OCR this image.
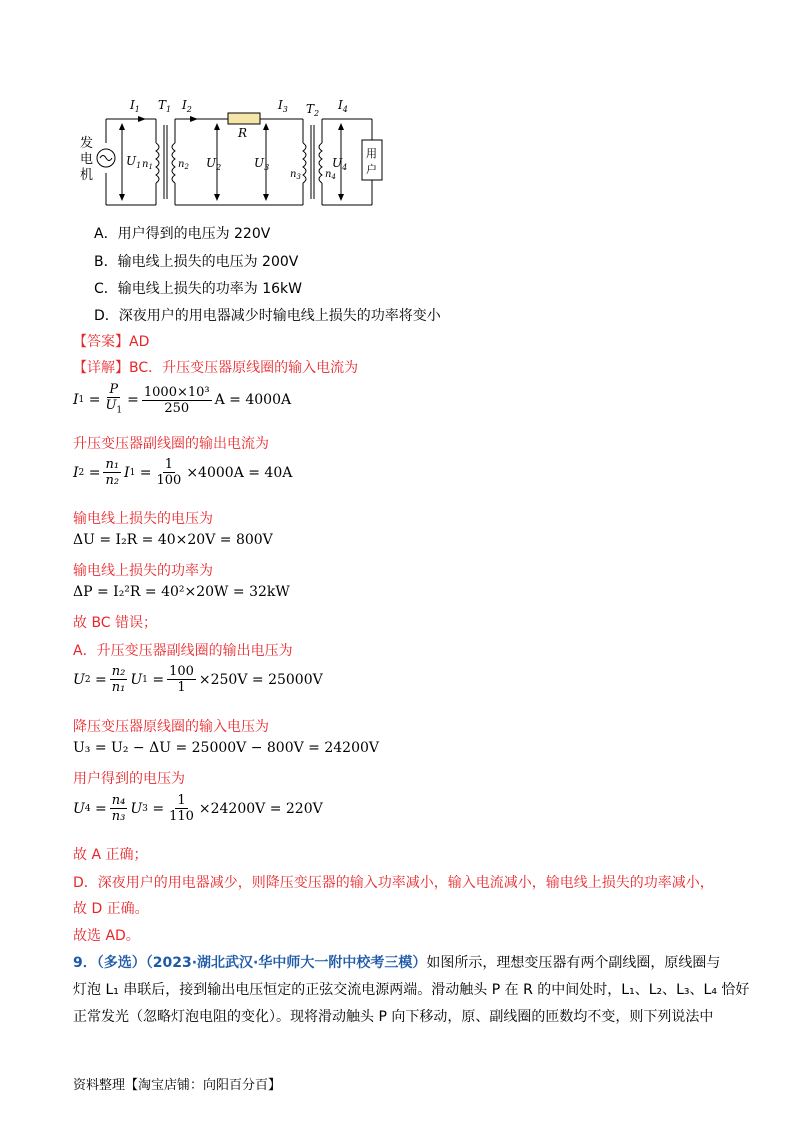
发
电
机
$I_1$ $T_1$ $I_2$
R
$I_3$ $T_2$
$I_4$
$U_1$ $n_1$	$n_2$ $U_2$	$U_3$
$n_3$ $n_4$
$U_4$
用
户
A．用户得到的电压为 220V
B．输电线上损失的电压为 200V
C．输电线上损失的功率为 16kW
D．深夜用户的用电器减少时输电线上损失的功率将变小
【答案】AD
【详解】BC．升压变压器原线圈的输入电流为
I $1 = \frac{P}{U_1} = \frac{\text{1000×10³}}{250}$ A = 4000A
升压变压器副线圈的输出电流为
I $2 = \frac{\text{n₁}}{\text{n₂}}$ I $1 = \frac{1}{100} \times 4000A = 40A$
输电线上损失的电压为
ΔU = I₂R = 40×20V = 800V
输电线上损失的功率为
ΔP = I₂²R = 40²×20W = 32kW
故 BC 错误；
A．升压变压器副线圈的输出电压为
U $2 = \frac{\text{n₂}}{\text{n₁}}$ U $1 = \frac{100}{1} \times 250V = 25000V$
降压变压器原线圈的输入电压为
U₃ = U₂ − ΔU = 25000V − 800V = 24200V
用户得到的电压为
U $4 = \frac{\text{n₄}}{\text{n₃}}$ U $3 = \frac{1}{110} \times 24200V = 220V$
故 A 正确；
D．深夜用户的用电器减少，则降压变压器的输入功率减小，输入电流减小，输电线上损失的功率减小，
故 D 正确。
故选 AD。
9．（多选）（2023·湖北武汉·华中师大一附中校考三模）如图所示，理想变压器有两个副线圈，原线圈与
灯泡 L₁ 串联后，接到输出电压恒定的正弦交流电源两端。滑动触头 P 在 R 的中间处时，L₁、L₂、L₃、L₄ 恰好
正常发光（忽略灯泡电阻的变化）。现将滑动触头 P 向下移动，原、副线圈的匝数均不变，则下列说法中
资料整理【淘宝店铺：向阳百分百】
